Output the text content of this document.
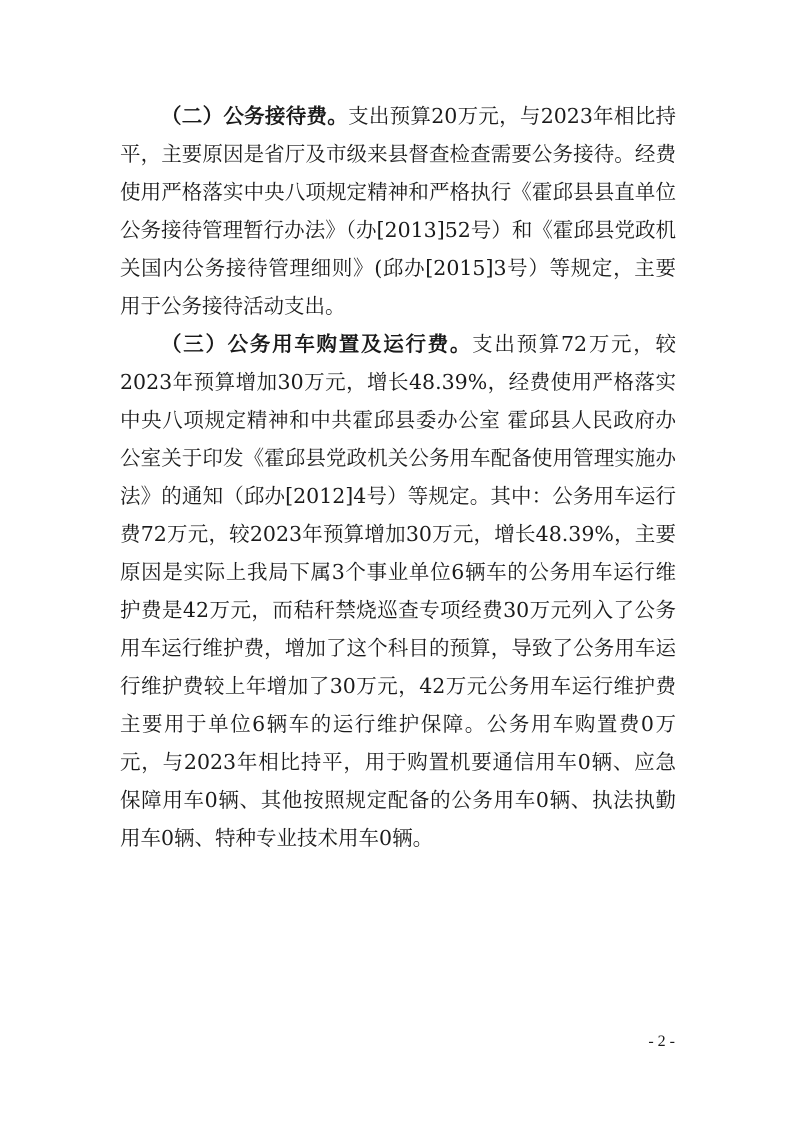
（二）公务接待费。支出预算20万元，与2023年相比持平，主要原因是省厅及市级来县督查检查需要公务接待。经费使用严格落实中央八项规定精神和严格执行《霍邱县县直单位公务接待管理暂行办法》（办[2013]52号）和《霍邱县党政机关国内公务接待管理细则》(邱办[2015]3号）等规定，主要用于公务接待活动支出。

（三）公务用车购置及运行费。支出预算72万元，较2023年预算增加30万元，增长48.39%，经费使用严格落实中央八项规定精神和中共霍邱县委办公室 霍邱县人民政府办公室关于印发《霍邱县党政机关公务用车配备使用管理实施办法》的通知（邱办[2012]4号）等规定。其中：公务用车运行费72万元，较2023年预算增加30万元，增长48.39%，主要原因是实际上我局下属3个事业单位6辆车的公务用车运行维护费是42万元，而秸秆禁烧巡查专项经费30万元列入了公务用车运行维护费，增加了这个科目的预算，导致了公务用车运行维护费较上年增加了30万元，42万元公务用车运行维护费主要用于单位6辆车的运行维护保障。公务用车购置费0万元，与2023年相比持平，用于购置机要通信用车0辆、应急保障用车0辆、其他按照规定配备的公务用车0辆、执法执勤用车0辆、特种专业技术用车0辆。

- 2 -
